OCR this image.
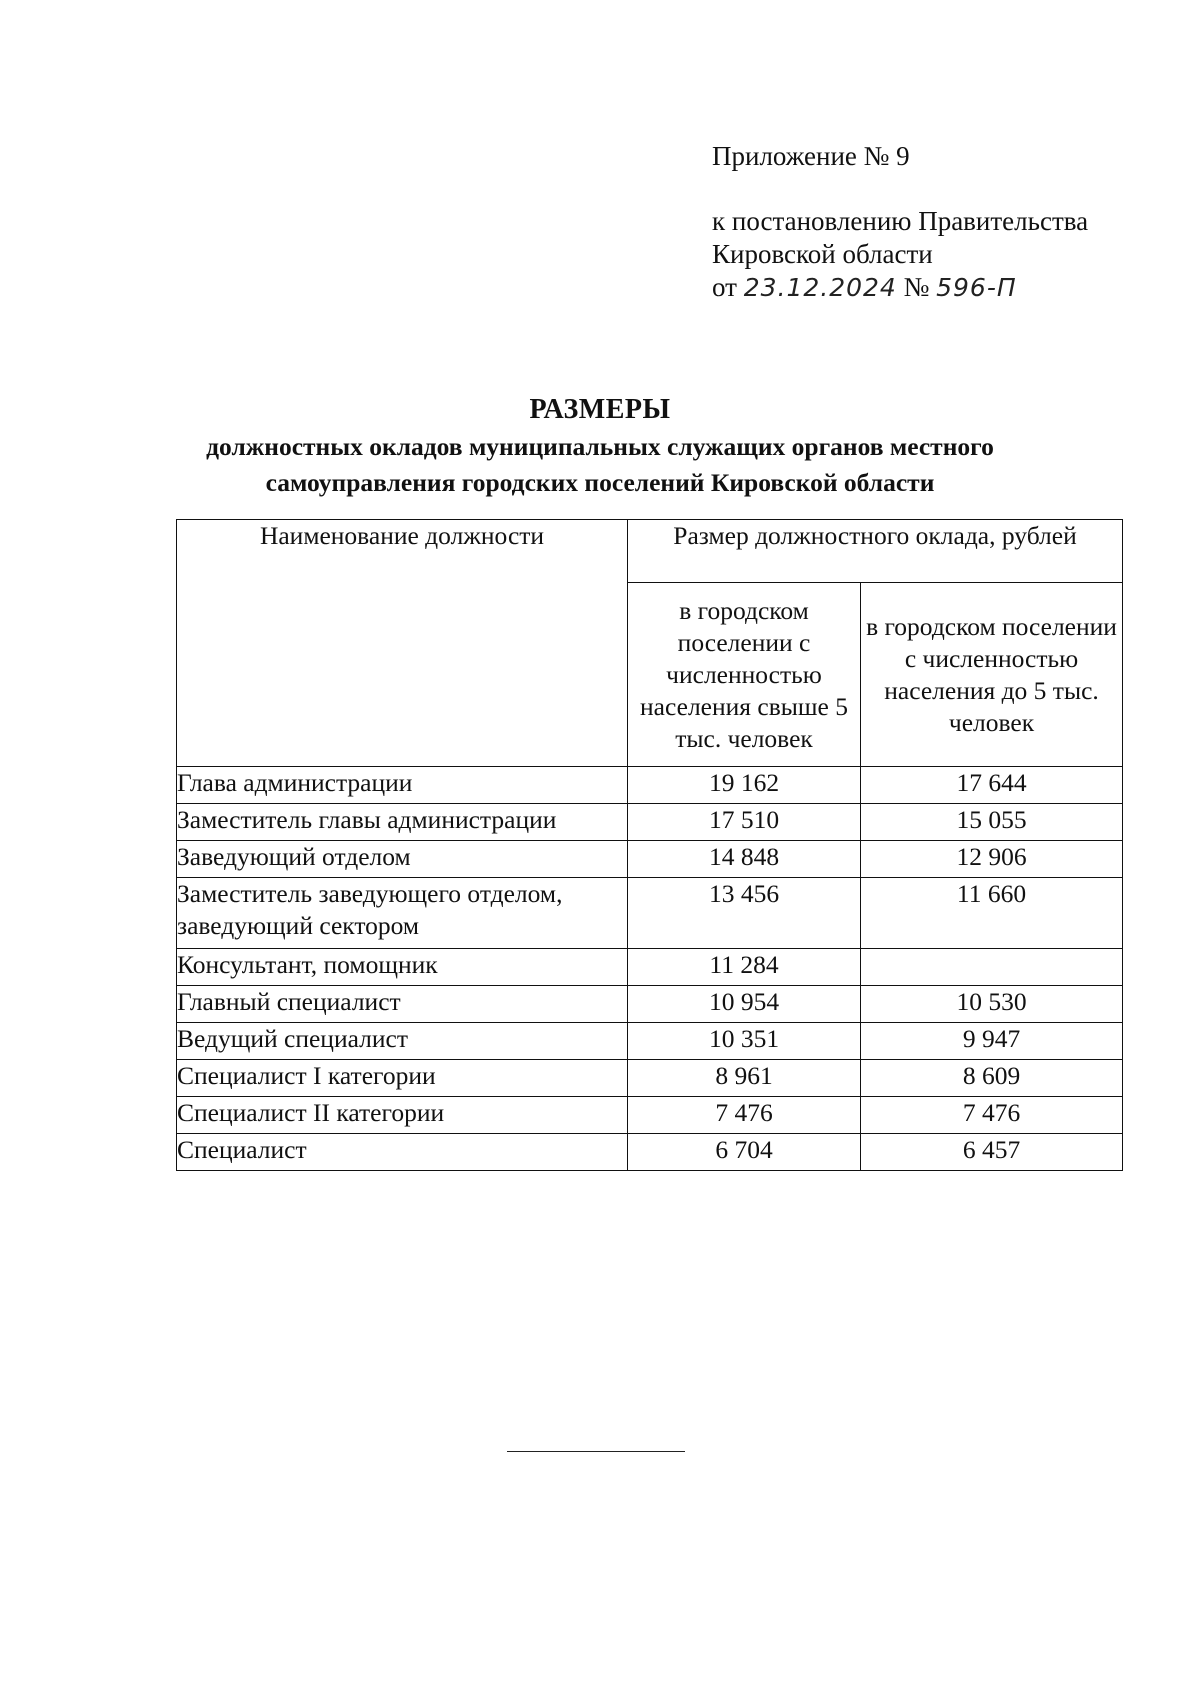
Приложение № 9
к постановлению Правительства
Кировской области
от 23.12.2024 № 596-П
РАЗМЕРЫ
должностных окладов муниципальных служащих органов местного
самоуправления городских поселений Кировской области
Наименование должности	Размер должностного оклада, рублей	
	в городском поселении с численностью населения свыше 5 тыс. человек	в городском поселении с численностью населения до 5 тыс. человек
Глава администрации	19 162	17 644
Заместитель главы администрации	17 510	15 055
Заведующий отделом	14 848	12 906
Заместитель заведующего отделом, заведующий сектором	13 456	11 660
Консультант, помощник	11 284	
Главный специалист	10 954	10 530
Ведущий специалист	10 351	9 947
Специалист I категории	8 961	8 609
Специалист II категории	7 476	7 476
Специалист	6 704	6 457
